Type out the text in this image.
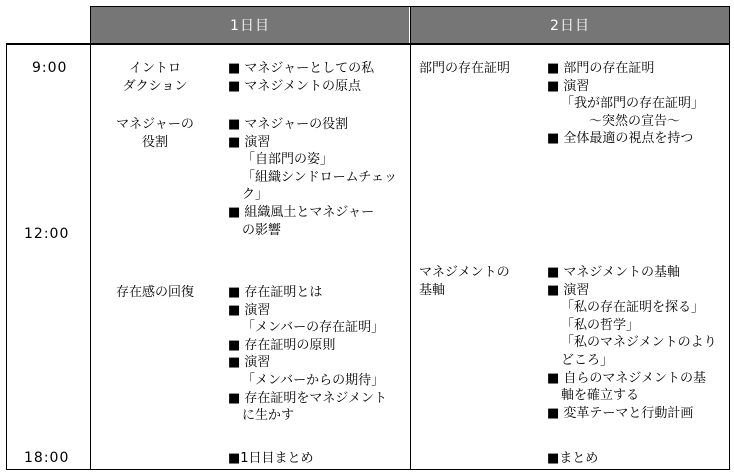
1日目	2日目
9:00
12:00
18:00
イントロ
ダクション
マネジャーの
役割
存在感の回復
■ マネジャーとしての私
■ マネジメントの原点
■ マネジャーの役割
■ 演習
「自部門の姿」
「組織シンドロームチェッ
ク」
■ 組織風土とマネジャー
の影響
■ 存在証明とは
■ 演習
「メンバーの存在証明」
■ 存在証明の原則
■ 演習
「メンバーからの期待」
■ 存在証明をマネジメント
に生かす
■1日目まとめ
部門の存在証明
マネジメントの
基軸
■ 部門の存在証明
■ 演習
「我が部門の存在証明」
～突然の宣告～
■ 全体最適の視点を持つ
■ マネジメントの基軸
■ 演習
「私の存在証明を探る」
「私の哲学」
「私のマネジメントのより
どころ」
■ 自らのマネジメントの基
軸を確立する
■ 変革テーマと行動計画
■まとめ
